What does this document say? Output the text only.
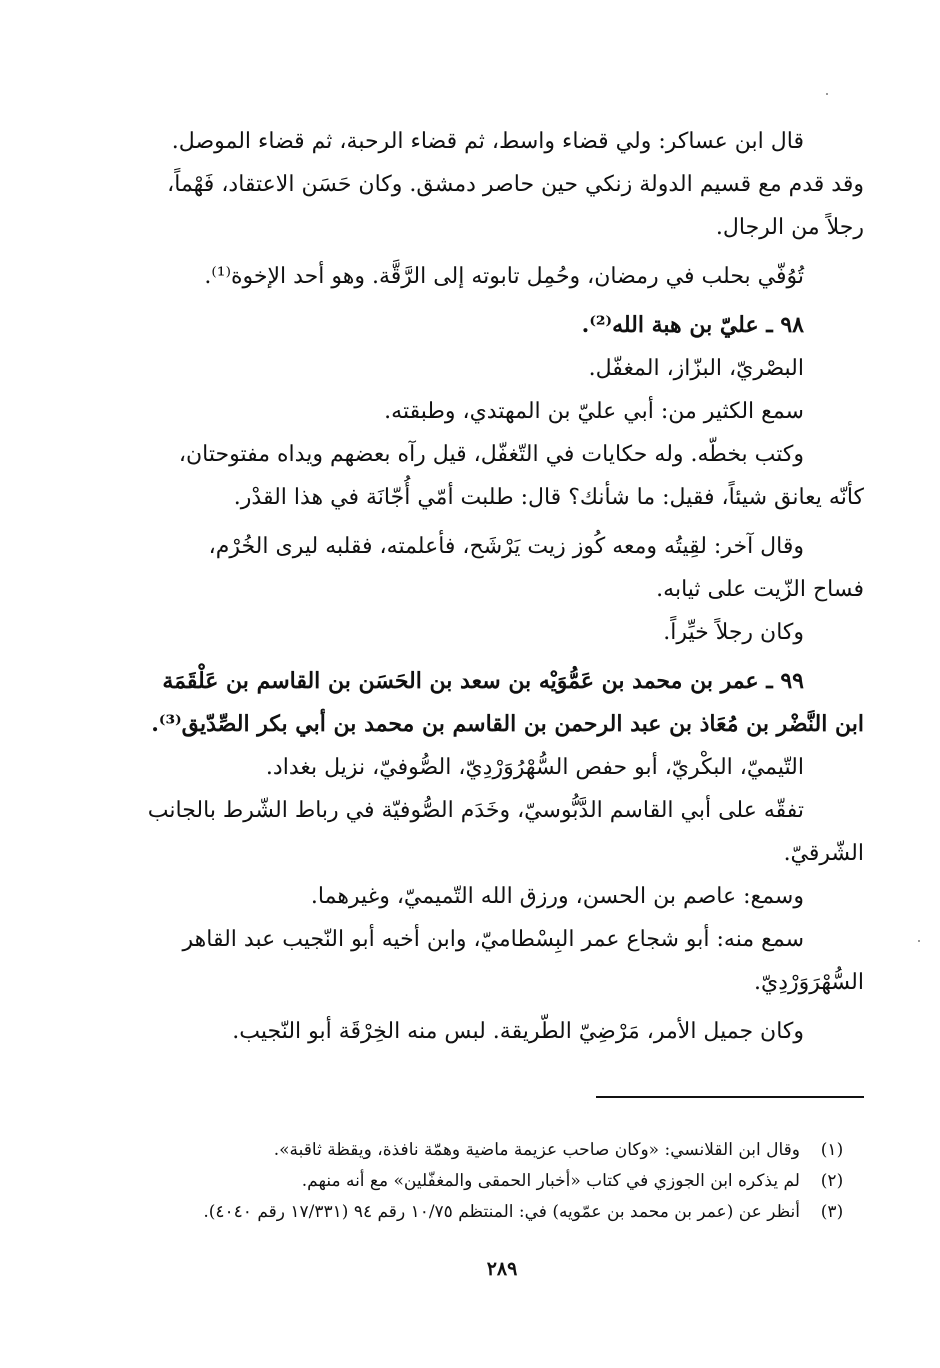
قال ابن عساكر: ولي قضاء واسط، ثم قضاء الرحبة، ثم قضاء الموصل.
وقد قدم مع قسيم الدولة زنكي حين حاصر دمشق. وكان حَسَن الاعتقاد، فَهْماً،
رجلاً من الرجال.
تُوُفّي بحلب في رمضان، وحُمِل تابوته إلى الرَّقَّة. وهو أحد الإخوة⁽¹⁾.
٩٨ ـ عليّ بن هبة الله⁽²⁾.
البصْريّ، البزّاز، المغفّل.
سمع الكثير من: أبي عليّ بن المهتدي، وطبقته.
وكتب بخطّه. وله حكايات في التّغفّل، قيل رآه بعضهم ويداه مفتوحتان،
كأنّه يعانق شيئاً، فقيل: ما شأنك؟ قال: طلبت أمّي أُجّانَة في هذا القدْر.
وقال آخر: لقِيتُه ومعه كُوز زيت يَرْشَح، فأعلمته، فقلبه ليرى الخُرْم،
فساح الزّيت على ثيابه.
وكان رجلاً خيِّراً.
٩٩ ـ عمر بن محمد بن عَمُّوَيْه بن سعد بن الحَسَن بن القاسم بن عَلْقَمَة
ابن النَّضْر بن مُعَاذ بن عبد الرحمن بن القاسم بن محمد بن أبي بكر الصِّدّيق⁽³⁾.
التّيميّ، البكْريّ، أبو حفص السُّهْرُوَرْدِيّ، الصُّوفيّ، نزيل بغداد.
تفقّه على أبي القاسم الدَّبُّوسيّ، وخَدَم الصُّوفيّة في رباط الشّرط بالجانب
الشّرقيّ.
وسمع: عاصم بن الحسن، ورزق الله التّميميّ، وغيرهما.
سمع منه: أبو شجاع عمر البِسْطاميّ، وابن أخيه أبو النّجيب عبد القاهر
السُّهْرَوَرْدِيّ.
وكان جميل الأمر، مَرْضِيّ الطّريقة. لبس منه الخِرْقَة أبو النّجيب.
(١)
وقال ابن القلانسي: «وكان صاحب عزيمة ماضية وهمّة نافذة، ويقظة ثاقبة».
(٢)
لم يذكره ابن الجوزي في كتاب «أخبار الحمقى والمغفّلين» مع أنه منهم.
(٣)
أنظر عن (عمر بن محمد بن عمّويه) في: المنتظم ١٠/٧٥ رقم ٩٤ (١٧/٣٣١ رقم ٤٠٤٠).
٢٨٩
